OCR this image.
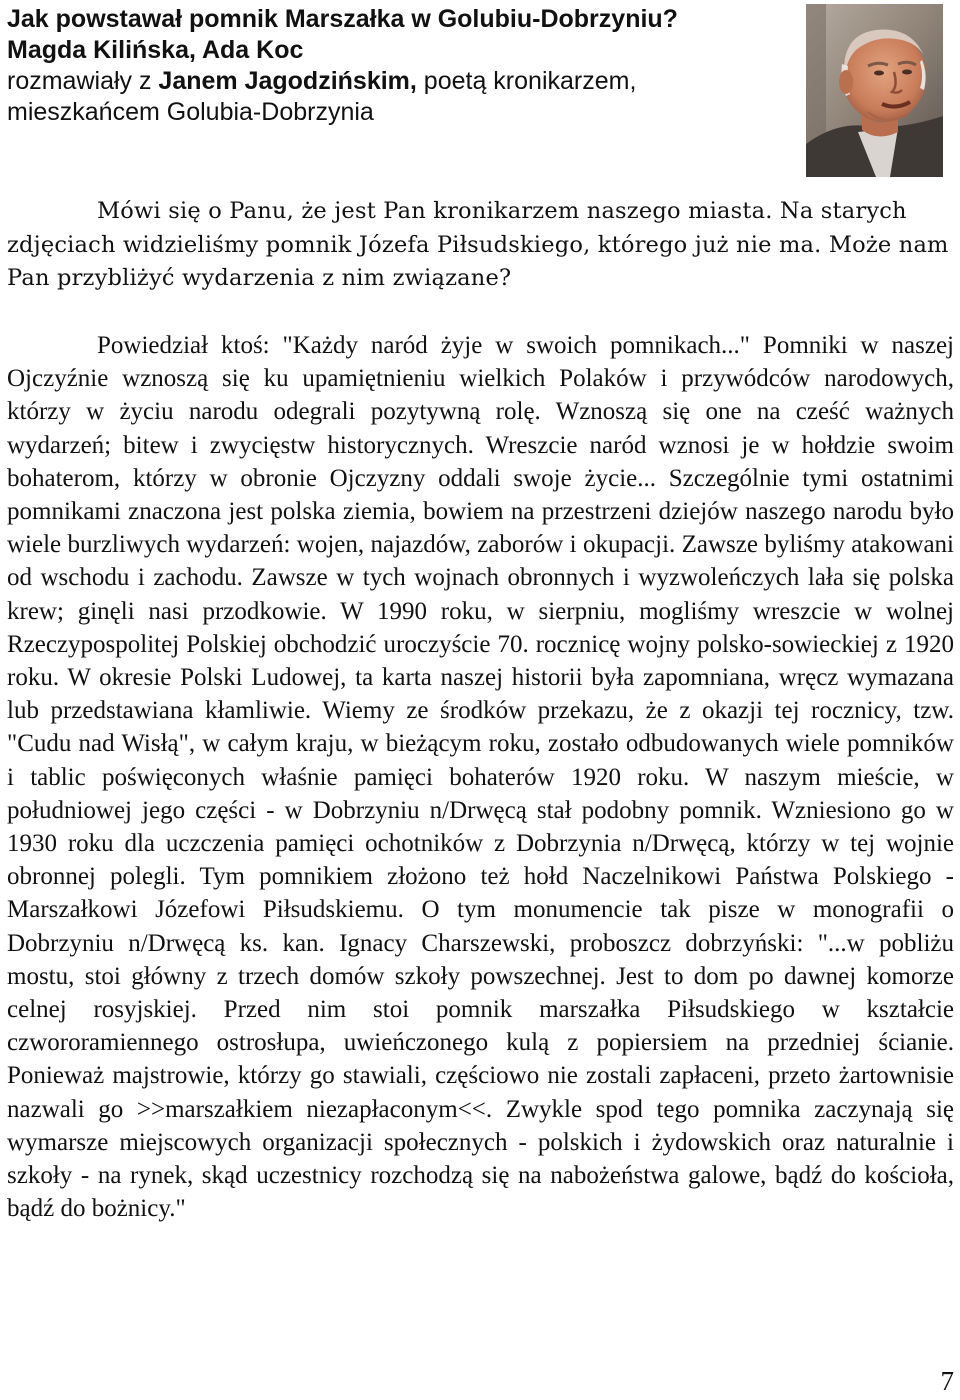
Jak powstawał pomnik Marszałka w Golubiu-Dobrzyniu?
Magda Kilińska, Ada Koc
rozmawiały z Janem Jagodzińskim, poetą kronikarzem,
mieszkańcem Golubia-Dobrzynia
Mówi się o Panu, że jest Pan kronikarzem naszego miasta. Na starych zdjęciach widzieliśmy pomnik Józefa Piłsudskiego, którego już nie ma. Może nam Pan przybliżyć wydarzenia z nim związane?

Powiedział ktoś: "Każdy naród żyje w swoich pomnikach..." Pomniki w naszej Ojczyźnie wznoszą się ku upamiętnieniu wielkich Polaków i przywódców narodowych, którzy w życiu narodu odegrali pozytywną rolę. Wznoszą się one na cześć ważnych wydarzeń; bitew i zwycięstw historycznych. Wreszcie naród wznosi je w hołdzie swoim bohaterom, którzy w obronie Ojczyzny oddali swoje życie... Szczególnie tymi ostatnimi pomnikami znaczona jest polska ziemia, bowiem na przestrzeni dziejów naszego narodu było wiele burzliwych wydarzeń: wojen, najazdów, zaborów i okupacji. Zawsze byliśmy atakowani od wschodu i zachodu. Zawsze w tych wojnach obronnych i wyzwoleńczych lała się polska krew; ginęli nasi przodkowie. W 1990 roku, w sierpniu, mogliśmy wreszcie w wolnej Rzeczypospolitej Polskiej obchodzić uroczyście 70. rocznicę wojny polsko-sowieckiej z 1920 roku. W okresie Polski Ludowej, ta karta naszej historii była zapomniana, wręcz wymazana lub przedstawiana kłamliwie. Wiemy ze środków przekazu, że z okazji tej rocznicy, tzw. "Cudu nad Wisłą", w całym kraju, w bieżącym roku, zostało odbudowanych wiele pomników i tablic poświęconych właśnie pamięci bohaterów 1920 roku. W naszym mieście, w południowej jego części - w Dobrzyniu n/Drwęcą stał podobny pomnik. Wzniesiono go w 1930 roku dla uczczenia pamięci ochotników z Dobrzynia n/Drwęcą, którzy w tej wojnie obronnej polegli. Tym pomnikiem złożono też hołd Naczelnikowi Państwa Polskiego - Marszałkowi Józefowi Piłsudskiemu. O tym monumencie tak pisze w monografii o Dobrzyniu n/Drwęcą ks. kan. Ignacy Charszewski, proboszcz dobrzyński: "...w pobliżu mostu, stoi główny z trzech domów szkoły powszechnej. Jest to dom po dawnej komorze celnej rosyjskiej. Przed nim stoi pomnik marszałka Piłsudskiego w kształcie czwororamiennego ostrosłupa, uwieńczonego kulą z popiersiem na przedniej ścianie. Ponieważ majstrowie, którzy go stawiali, częściowo nie zostali zapłaceni, przeto żartownisie nazwali go >>marszałkiem niezapłaconym<<. Zwykle spod tego pomnika zaczynają się wymarsze miejscowych organizacji społecznych - polskich i żydowskich oraz naturalnie i szkoły - na rynek, skąd uczestnicy rozchodzą się na nabożeństwa galowe, bądź do kościoła, bądź do bożnicy."

7
